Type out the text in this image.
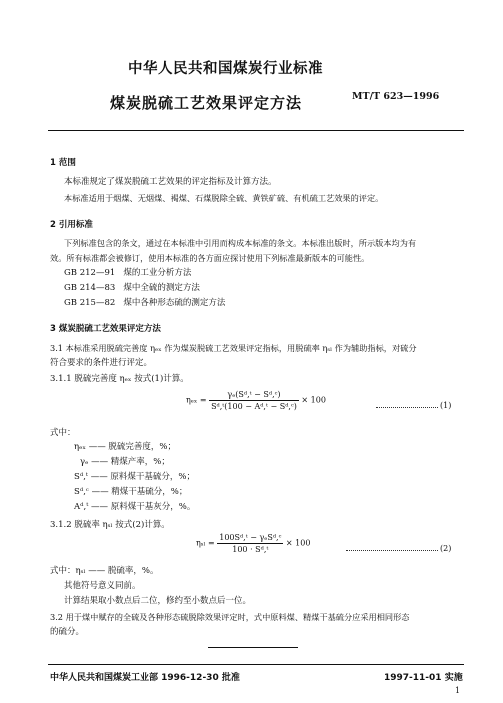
中华人民共和国煤炭行业标准
煤炭脱硫工艺效果评定方法	MT/T 623—1996
1 范围
本标准规定了煤炭脱硫工艺效果的评定指标及计算方法。
本标准适用于烟煤、无烟煤、褐煤、石煤脱除全硫、黄铁矿硫、有机硫工艺效果的评定。
2 引用标准
下列标准包含的条文，通过在本标准中引用而构成本标准的条文。本标准出版时，所示版本均为有
效。所有标准都会被修订，使用本标准的各方面应探讨使用下列标准最新版本的可能性。
GB 212—91 煤的工业分析方法
GB 214—83 煤中全硫的测定方法
GB 215—82 煤中各种形态硫的测定方法
3 煤炭脱硫工艺效果评定方法
3.1 本标准采用脱硫完善度 ηₑₓ 作为煤炭脱硫工艺效果评定指标，用脱硫率 ηₛₗ 作为辅助指标，对硫分
符合要求的条件进行评定。
3.1.1 脱硫完善度 ηₑₓ 按式(1)计算。
$\eta_{ex} = \frac{\text{γₑ(Sᵈ,ᵗ − Sᵈ,ᶜ)}}{\text{Sᵈ,ᵗ(100 − Aᵈ,ᵗ − Sᵈ,ᶜ)}} \times 100$
(1)
式中：
ηₑₓ —— 脱硫完善度，%；
γₑ —— 精煤产率，%；
Sᵈ,ᵗ —— 原料煤干基硫分，%；
Sᵈ,ᶜ —— 精煤干基硫分，%；
Aᵈ,ᵗ —— 原料煤干基灰分，%。
3.1.2 脱硫率 ηₛₗ 按式(2)计算。
$\eta_{sl} = \frac{\text{100Sᵈ,ᵗ − γₑSᵈ,ᶜ}}{\text{100 · Sᵈ,ᵗ}} \times 100$
(2)
式中：ηₛₗ —— 脱硫率，%。
其他符号意义同前。
计算结果取小数点后二位，修约至小数点后一位。
3.2 用于煤中赋存的全硫及各种形态硫脱除效果评定时，式中原料煤、精煤干基硫分应采用相同形态
的硫分。
中华人民共和国煤炭工业部 1996-12-30 批准	1997-11-01 实施
1
